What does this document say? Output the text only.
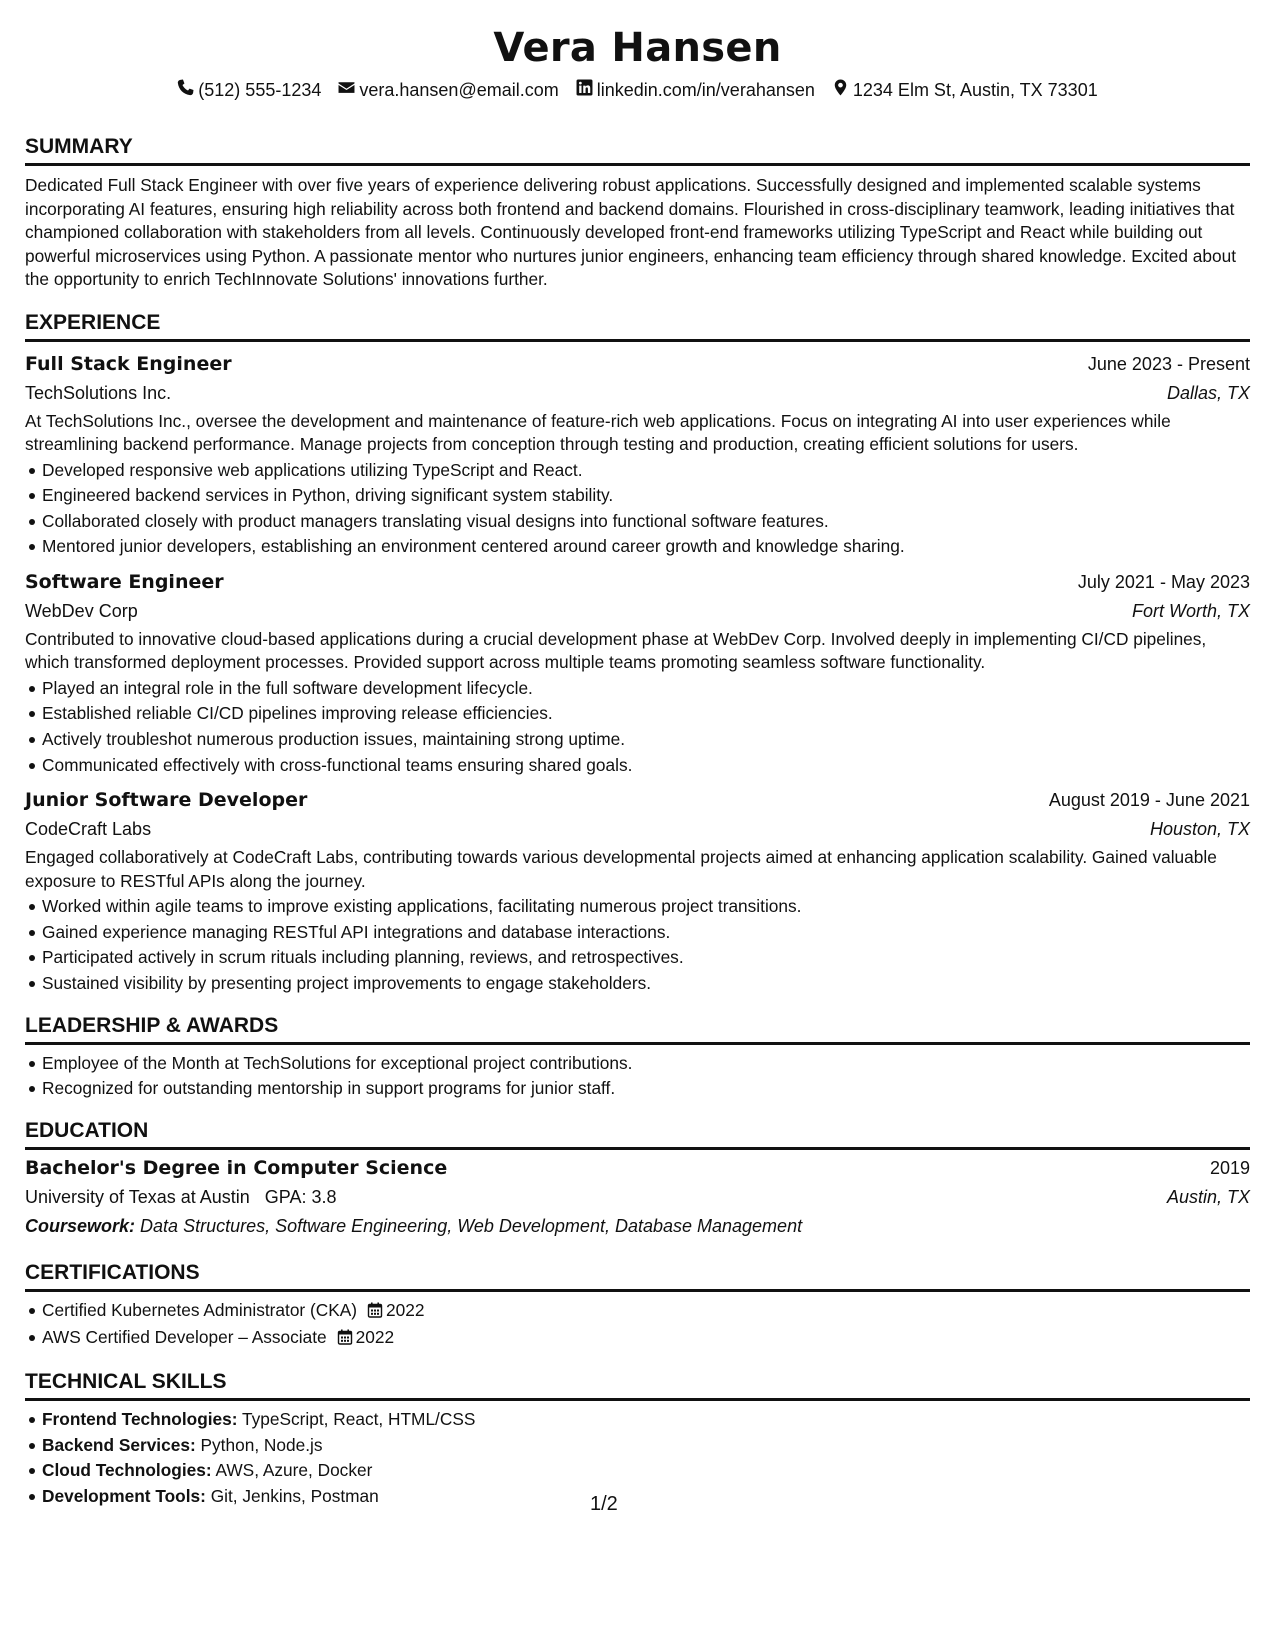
Vera Hansen
(512) 555-1234 vera.hansen@email.com linkedin.com/in/verahansen 1234 Elm St, Austin, TX 73301
SUMMARY

Dedicated Full Stack Engineer with over five years of experience delivering robust applications. Successfully designed and implemented scalable systems incorporating AI features, ensuring high reliability across both frontend and backend domains. Flourished in cross-disciplinary teamwork, leading initiatives that championed collaboration with stakeholders from all levels. Continuously developed front-end frameworks utilizing TypeScript and React while building out powerful microservices using Python. A passionate mentor who nurtures junior engineers, enhancing team efficiency through shared knowledge. Excited about the opportunity to enrich TechInnovate Solutions' innovations further.

EXPERIENCE
Full Stack Engineer	June 2023 - Present
TechSolutions Inc.	Dallas, TX

At TechSolutions Inc., oversee the development and maintenance of feature-rich web applications. Focus on integrating AI into user experiences while streamlining backend performance. Manage projects from conception through testing and production, creating efficient solutions for users.

Developed responsive web applications utilizing TypeScript and React.
Engineered backend services in Python, driving significant system stability.
Collaborated closely with product managers translating visual designs into functional software features.
Mentored junior developers, establishing an environment centered around career growth and knowledge sharing.
Software Engineer	July 2021 - May 2023
WebDev Corp	Fort Worth, TX

Contributed to innovative cloud-based applications during a crucial development phase at WebDev Corp. Involved deeply in implementing CI/CD pipelines, which transformed deployment processes. Provided support across multiple teams promoting seamless software functionality.

Played an integral role in the full software development lifecycle.
Established reliable CI/CD pipelines improving release efficiencies.
Actively troubleshot numerous production issues, maintaining strong uptime.
Communicated effectively with cross-functional teams ensuring shared goals.
Junior Software Developer	August 2019 - June 2021
CodeCraft Labs	Houston, TX

Engaged collaboratively at CodeCraft Labs, contributing towards various developmental projects aimed at enhancing application scalability. Gained valuable exposure to RESTful APIs along the journey.

Worked within agile teams to improve existing applications, facilitating numerous project transitions.
Gained experience managing RESTful API integrations and database interactions.
Participated actively in scrum rituals including planning, reviews, and retrospectives.
Sustained visibility by presenting project improvements to engage stakeholders.
LEADERSHIP & AWARDS
Employee of the Month at TechSolutions for exceptional project contributions.
Recognized for outstanding mentorship in support programs for junior staff.
EDUCATION
Bachelor's Degree in Computer Science	2019
University of Texas at Austin GPA: 3.8	Austin, TX
Coursework: Data Structures, Software Engineering, Web Development, Database Management
CERTIFICATIONS
Certified Kubernetes Administrator (CKA) 2022
AWS Certified Developer – Associate 2022
TECHNICAL SKILLS
Frontend Technologies: TypeScript, React, HTML/CSS
Backend Services: Python, Node.js
Cloud Technologies: AWS, Azure, Docker
Development Tools: Git, Jenkins, Postman	1/2
